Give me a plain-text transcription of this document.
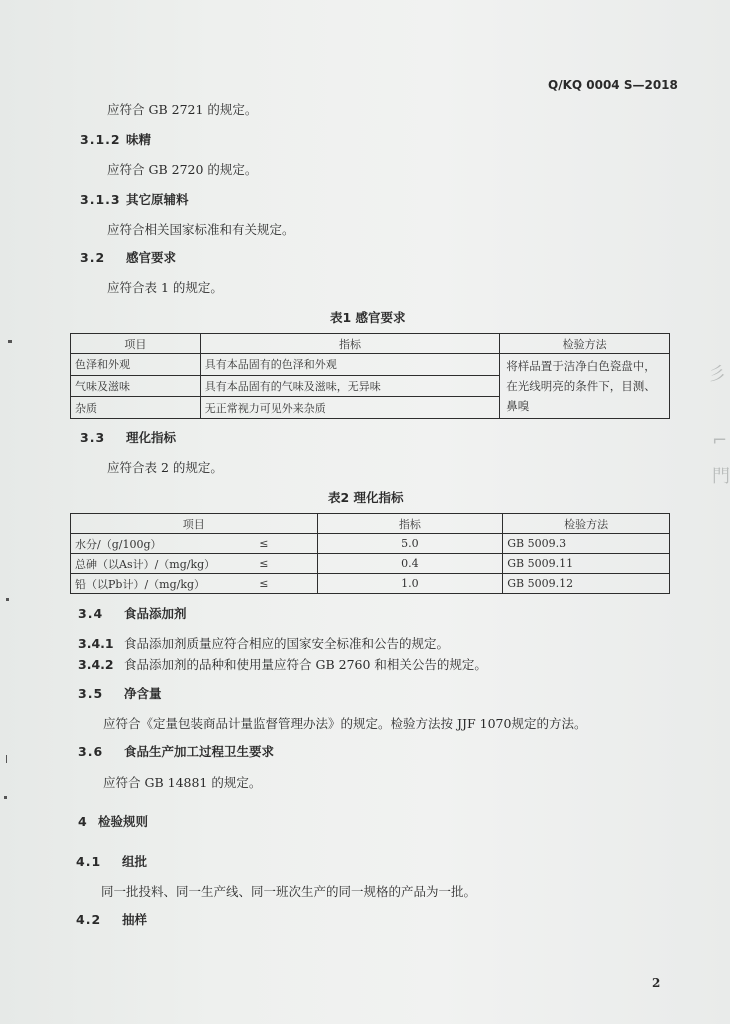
Q/KQ 0004 S—2018
应符合 GB 2721 的规定。
3.1.2 味精
应符合 GB 2720 的规定。
3.1.3 其它原辅料
应符合相关国家标准和有关规定。
3.2 感官要求
应符合表 1 的规定。
表1 感官要求
项目	指标	检验方法
色泽和外观	具有本品固有的色泽和外观	将样品置于洁净白色瓷盘中，在光线明亮的条件下，目测、鼻嗅
气味及滋味	具有本品固有的气味及滋味，无异味	
杂质	无正常视力可见外来杂质	
3.3 理化指标
应符合表 2 的规定。
表2 理化指标
项目		指标	检验方法
水分/（g/100g）	≤	5.0	GB 5009.3
总砷（以As计）/（mg/kg）	≤	0.4	GB 5009.11
铅（以Pb计）/（mg/kg）	≤	1.0	GB 5009.12
3.4 食品添加剂
3.4.1 食品添加剂质量应符合相应的国家安全标准和公告的规定。
3.4.2 食品添加剂的品种和使用量应符合 GB 2760 和相关公告的规定。
3.5 净含量
应符合《定量包装商品计量监督管理办法》的规定。检验方法按 JJF 1070规定的方法。
3.6 食品生产加工过程卫生要求
应符合 GB 14881 的规定。
4 检验规则
4.1 组批
同一批投料、同一生产线、同一班次生产的同一规格的产品为一批。
4.2 抽样
2
彡
⌐
門
